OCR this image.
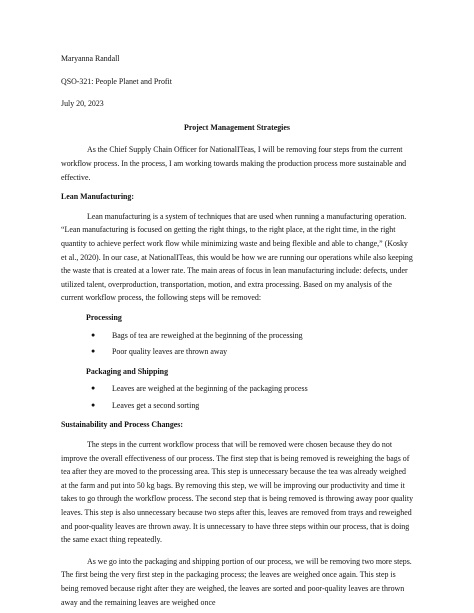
Maryanna Randall

QSO-321: People Planet and Profit

July 20, 2023

Project Management Strategies

As the Chief Supply Chain Officer for NationalITeas, I will be removing four steps from the current workflow process. In the process, I am working towards making the production process more sustainable and effective.

Lean Manufacturing:

Lean manufacturing is a system of techniques that are used when running a manufacturing operation. “Lean manufacturing is focused on getting the right things, to the right place, at the right time, in the right quantity to achieve perfect work flow while minimizing waste and being flexible and able to change,” (Kosky et al., 2020). In our case, at NationalITeas, this would be how we are running our operations while also keeping the waste that is created at a lower rate. The main areas of focus in lean manufacturing include: defects, under utilized talent, overproduction, transportation, motion, and extra processing. Based on my analysis of the current workflow process, the following steps will be removed:

Processing

● Bags of tea are reweighed at the beginning of the processing
● Poor quality leaves are thrown away

Packaging and Shipping

● Leaves are weighed at the beginning of the packaging process
● Leaves get a second sorting

Sustainability and Process Changes:

The steps in the current workflow process that will be removed were chosen because they do not improve the overall effectiveness of our process. The first step that is being removed is reweighing the bags of tea after they are moved to the processing area. This step is unnecessary because the tea was already weighed at the farm and put into 50 kg bags. By removing this step, we will be improving our productivity and time it takes to go through the workflow process. The second step that is being removed is throwing away poor quality leaves. This step is also unnecessary because two steps after this, leaves are removed from trays and reweighed and poor-quality leaves are thrown away. It is unnecessary to have three steps within our process, that is doing the same exact thing repeatedly.

As we go into the packaging and shipping portion of our process, we will be removing two more steps. The first being the very first step in the packaging process; the leaves are weighed once again. This step is being removed because right after they are weighed, the leaves are sorted and poor-quality leaves are thrown away and the remaining leaves are weighed once
